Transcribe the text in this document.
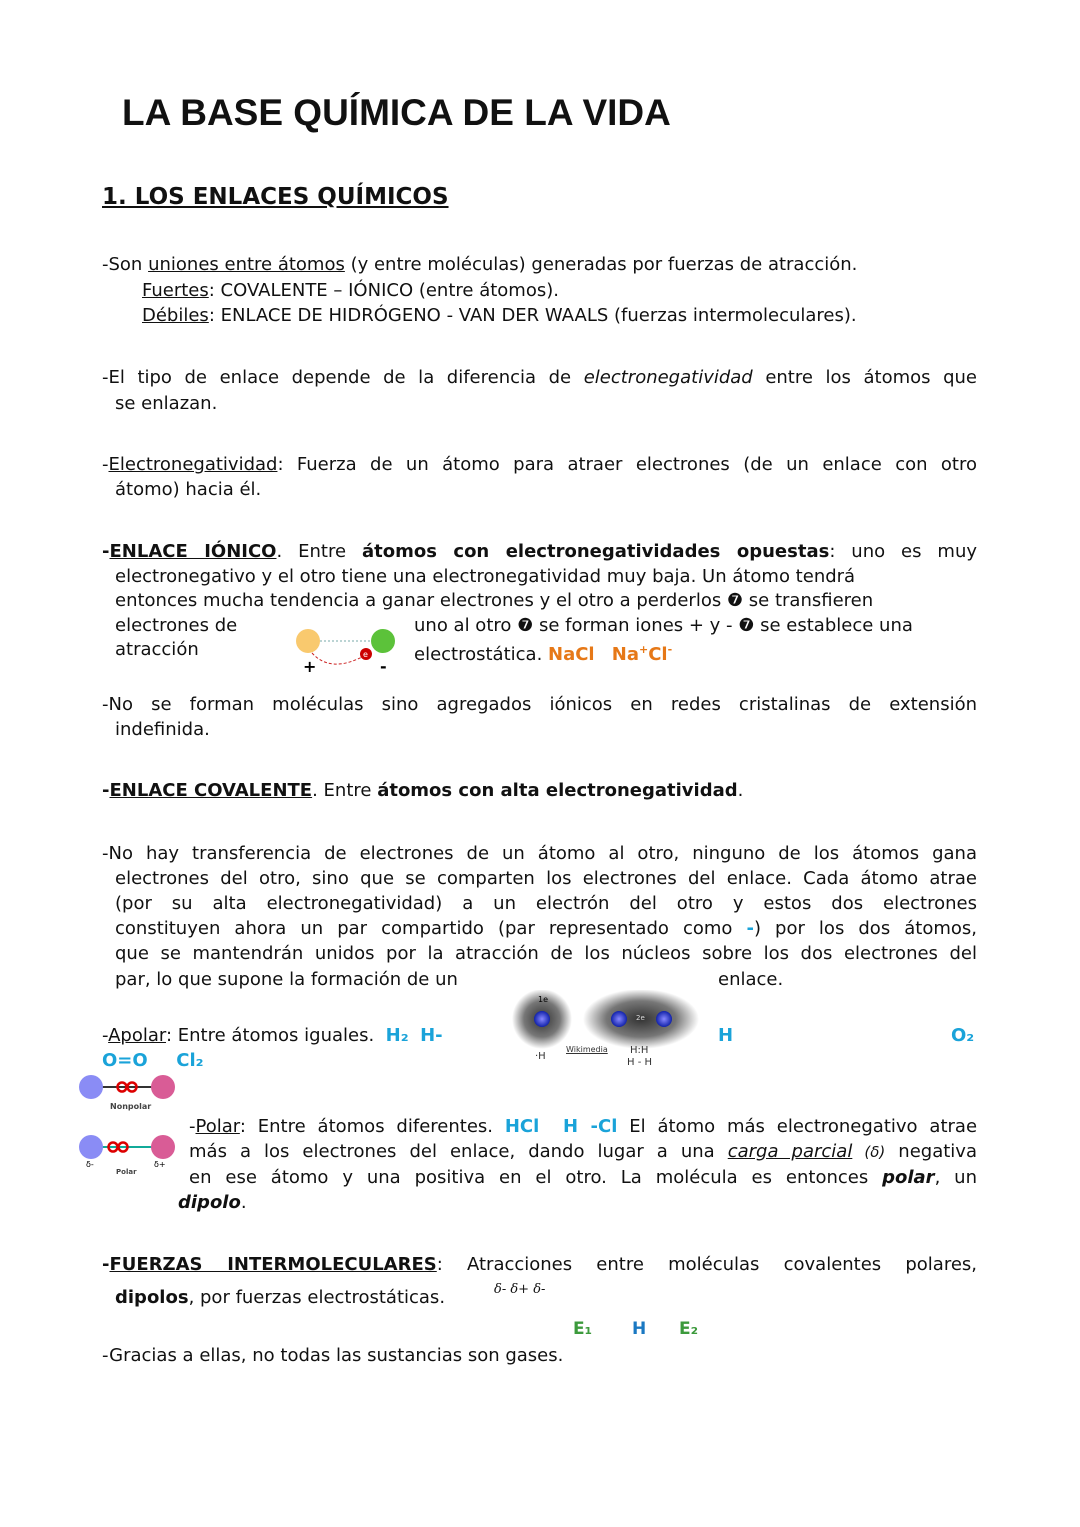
LA BASE QUÍMICA DE LA VIDA
1. LOS ENLACES QUÍMICOS
-Son uniones entre átomos (y entre moléculas) generadas por fuerzas de atracción.
Fuertes: COVALENTE – IÓNICO (entre átomos).
Débiles: ENLACE DE HIDRÓGENO - VAN DER WAALS (fuerzas intermoleculares).
-El tipo de enlace depende de la diferencia de electronegatividad entre los átomos que
se enlazan.
-Electronegatividad: Fuerza de un átomo para atraer electrones (de un enlace con otro
átomo) hacia él.
-ENLACE IÓNICO. Entre átomos con electronegatividades opuestas: uno es muy
electronegativo y el otro tiene una electronegatividad muy baja. Un átomo tendrá
entonces mucha tendencia a ganar electrones y el otro a perderlos ❼ se transfieren
electrones de	uno al otro ❼ se forman iones + y - ❼ se establece una
atracción	electrostática. NaCl Na+Cl-
e
+	-
-No se forman moléculas sino agregados iónicos en redes cristalinas de extensión
indefinida.
-ENLACE COVALENTE. Entre átomos con alta electronegatividad.
-No hay transferencia de electrones de un átomo al otro, ninguno de los átomos gana
electrones del otro, sino que se comparten los electrones del enlace. Cada átomo atrae
(por su alta electronegatividad) a un electrón del otro y estos dos electrones
constituyen ahora un par compartido (par representado como -) por los dos átomos,
que se mantendrán unidos por la atracción de los núcleos sobre los dos electrones del
par, lo que supone la formación de un	enlace.
1e
2e
·H
Wikimedia H:H
H - H
-Apolar: Entre átomos iguales.  H₂ H-	H	O₂
O=O Cl₂
Nonpolar
δ-	δ+
Polar
-Polar: Entre átomos diferentes. HCl H -Cl El átomo más electronegativo atrae
más a los electrones del enlace, dando lugar a una carga parcial (δ) negativa
en ese átomo y una positiva en el otro. La molécula es entonces polar, un
dipolo.
-FUERZAS INTERMOLECULARES: Atracciones entre moléculas covalentes polares,
dipolos, por fuerzas electrostáticas.	δ- δ+ δ-
E₁ H E₂
-Gracias a ellas, no todas las sustancias son gases.
